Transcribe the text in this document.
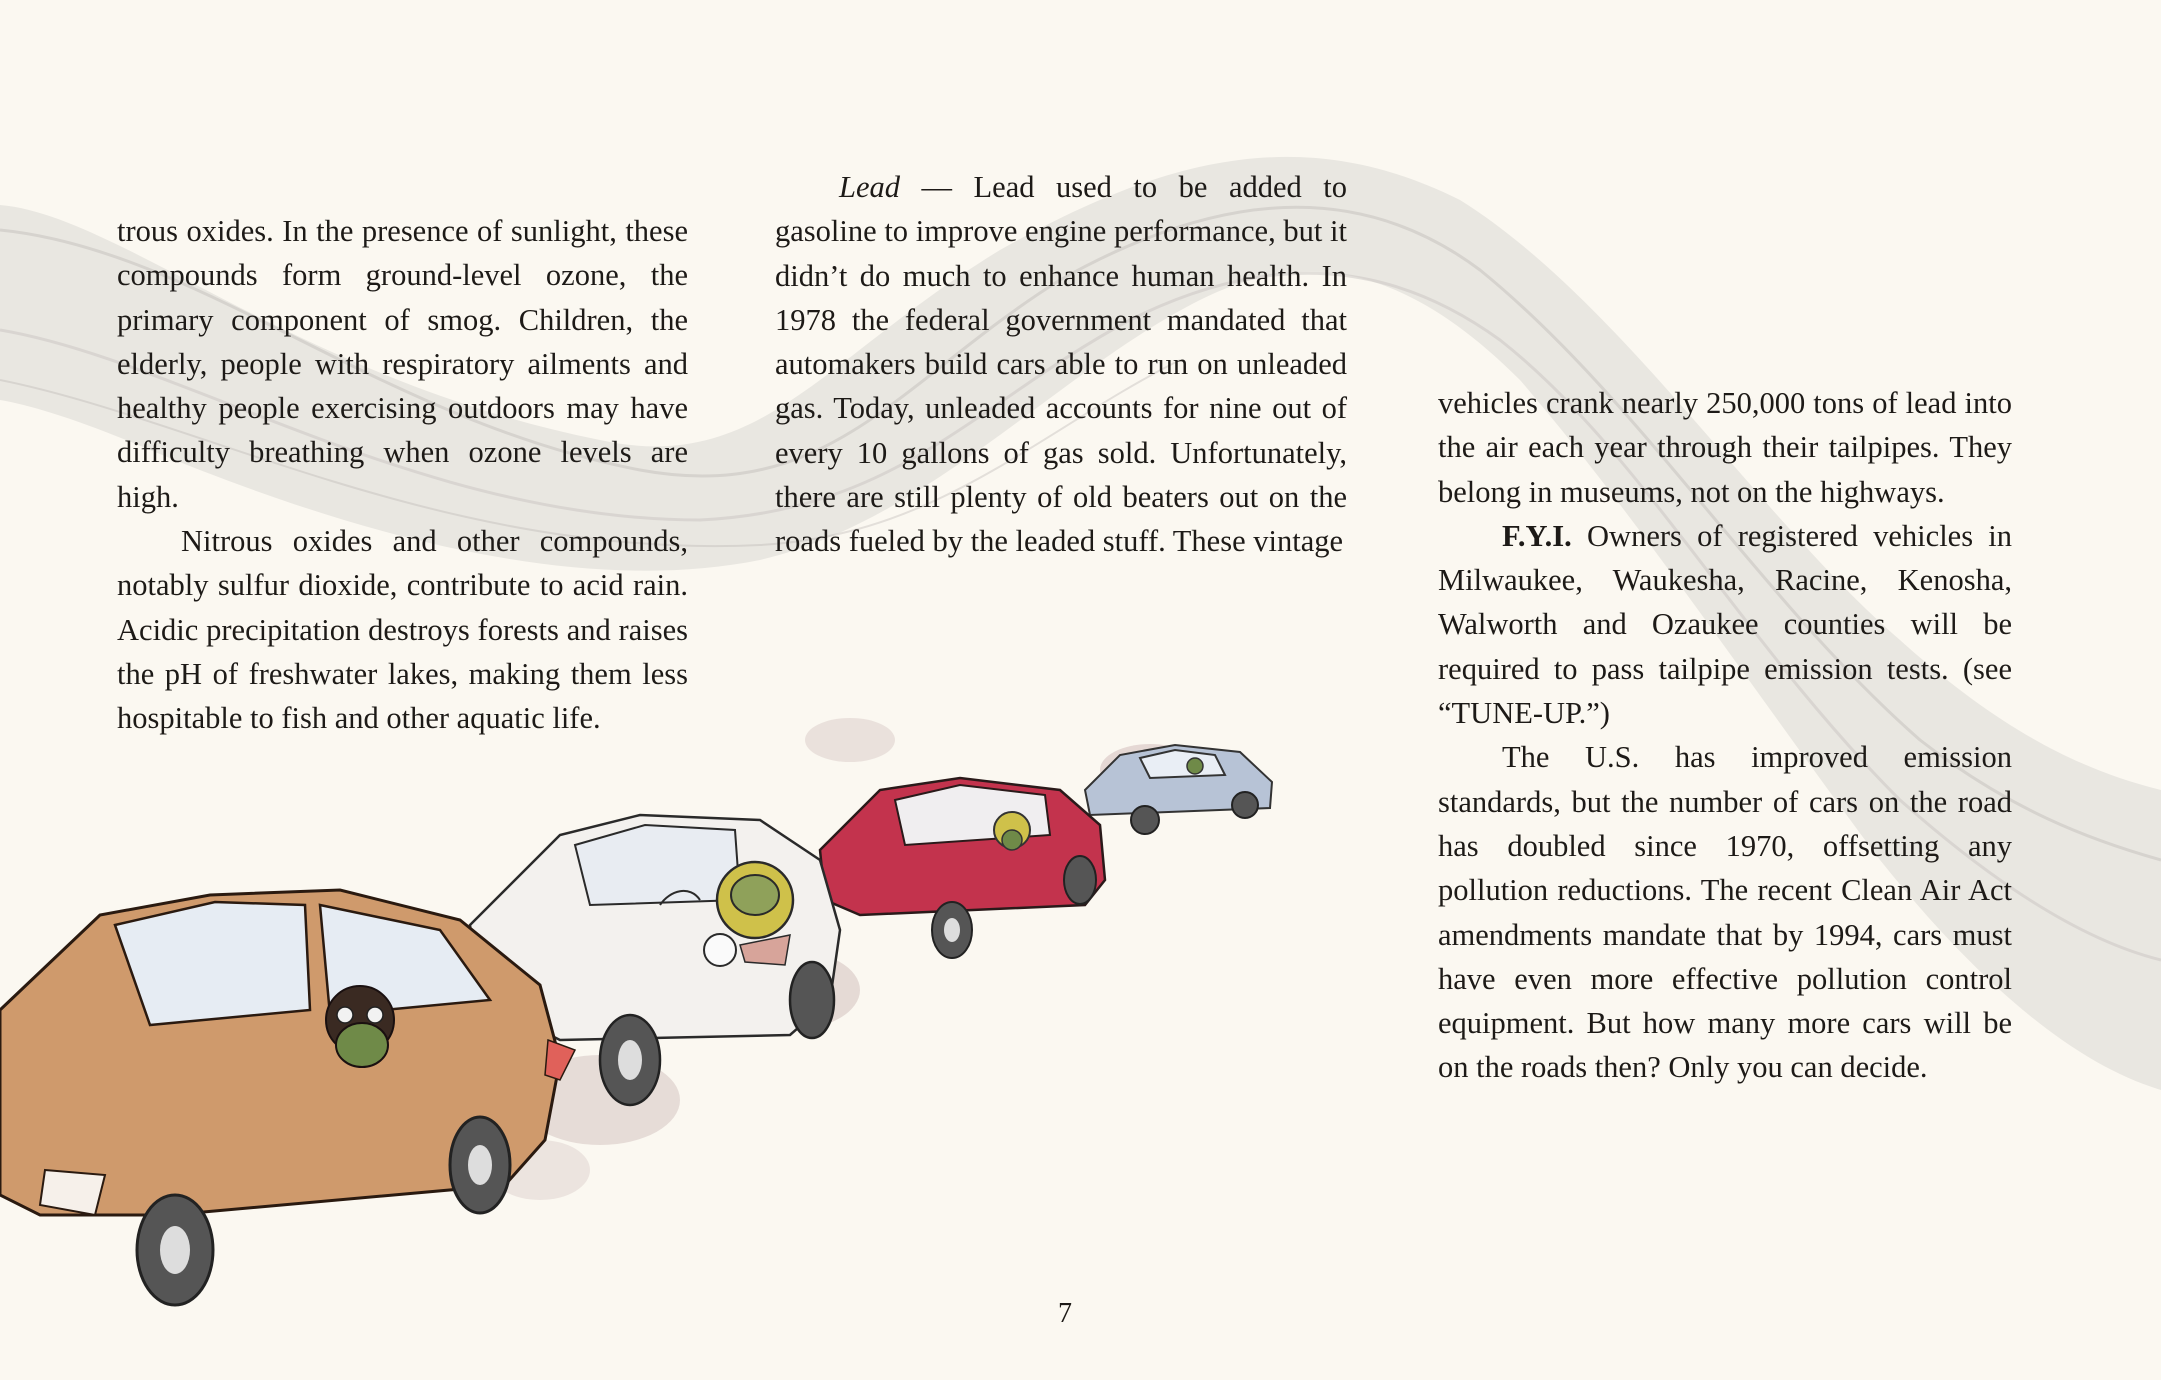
trous oxides. In the presence of sunlight, these compounds form ground-level ozone, the primary component of smog. Children, the elderly, people with respiratory ailments and healthy people exercising outdoors may have difficulty breathing when ozone levels are high.

Nitrous oxides and other compounds, notably sulfur dioxide, contribute to acid rain. Acidic precipitation destroys forests and raises the pH of freshwater lakes, making them less hospitable to fish and other aquatic life.

Lead — Lead used to be added to gasoline to improve engine performance, but it didn’t do much to enhance human health. In 1978 the federal government mandated that automakers build cars able to run on unleaded gas. Today, unleaded accounts for nine out of every 10 gallons of gas sold. Unfortunately, there are still plenty of old beaters out on the roads fueled by the leaded stuff. These vintage

vehicles crank nearly 250,000 tons of lead into the air each year through their tailpipes. They belong in museums, not on the highways.

F.Y.I. Owners of registered vehicles in Milwaukee, Waukesha, Racine, Kenosha, Walworth and Ozaukee counties will be required to pass tailpipe emission tests. (see “TUNE-UP.”)

The U.S. has improved emission standards, but the number of cars on the road has doubled since 1970, offsetting any pollution reductions. The recent Clean Air Act amendments mandate that by 1994, cars must have even more effective pollution control equipment. But how many more cars will be on the roads then? Only you can decide.

7
